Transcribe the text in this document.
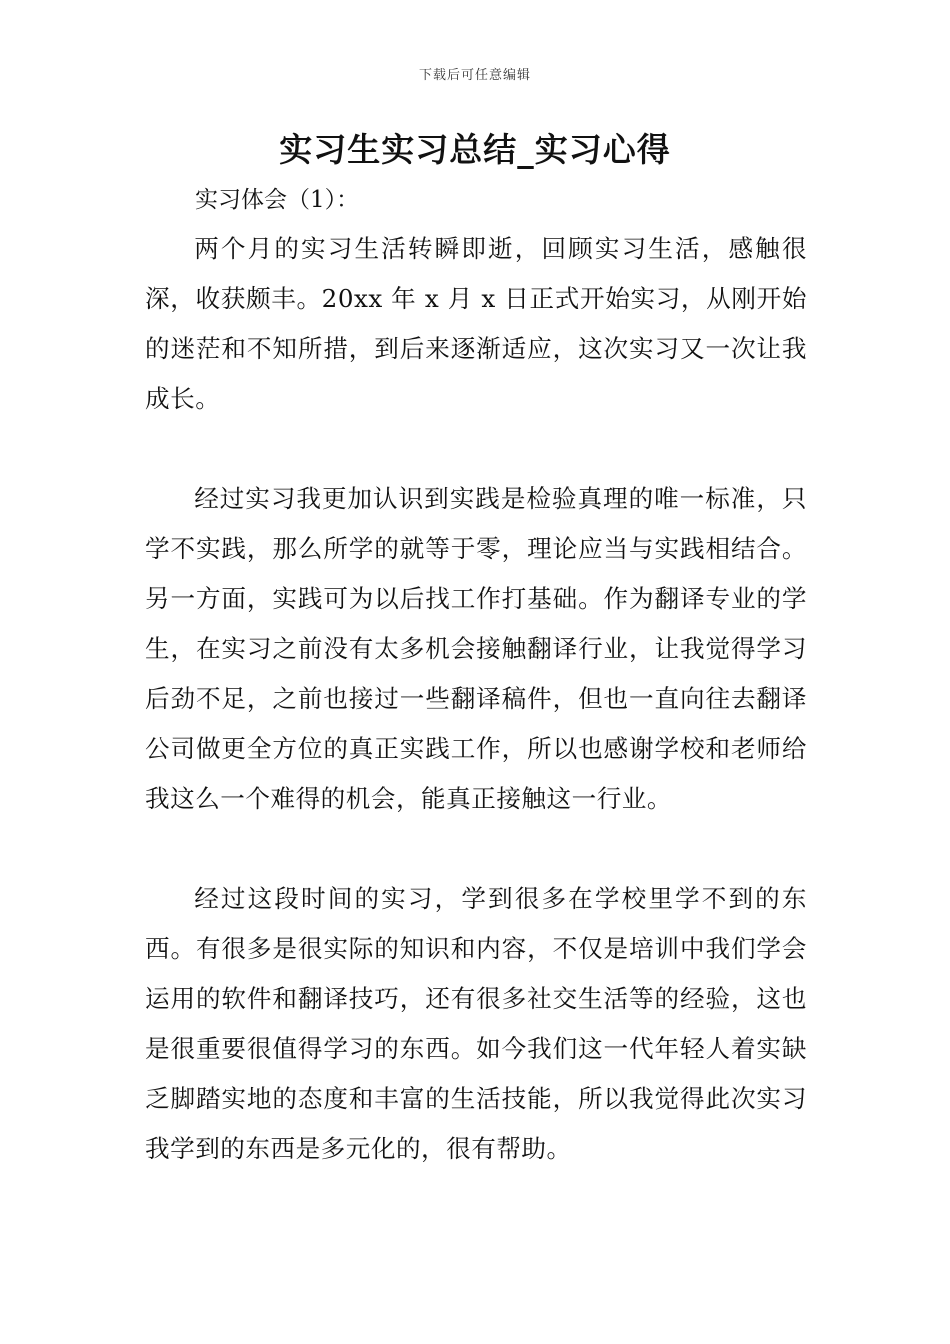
下载后可任意编辑
实习生实习总结_实习心得

实习体会（1）：

两个月的实习生活转瞬即逝，回顾实习生活，感触很深，收获颇丰。20xx 年 x 月 x 日正式开始实习，从刚开始的迷茫和不知所措，到后来逐渐适应，这次实习又一次让我成长。

经过实习我更加认识到实践是检验真理的唯一标准，只学不实践，那么所学的就等于零，理论应当与实践相结合。另一方面，实践可为以后找工作打基础。作为翻译专业的学生，在实习之前没有太多机会接触翻译行业，让我觉得学习后劲不足，之前也接过一些翻译稿件，但也一直向往去翻译公司做更全方位的真正实践工作，所以也感谢学校和老师给我这么一个难得的机会，能真正接触这一行业。

经过这段时间的实习，学到很多在学校里学不到的东西。有很多是很实际的知识和内容，不仅是培训中我们学会运用的软件和翻译技巧，还有很多社交生活等的经验，这也是很重要很值得学习的东西。如今我们这一代年轻人着实缺乏脚踏实地的态度和丰富的生活技能，所以我觉得此次实习我学到的东西是多元化的，很有帮助。
